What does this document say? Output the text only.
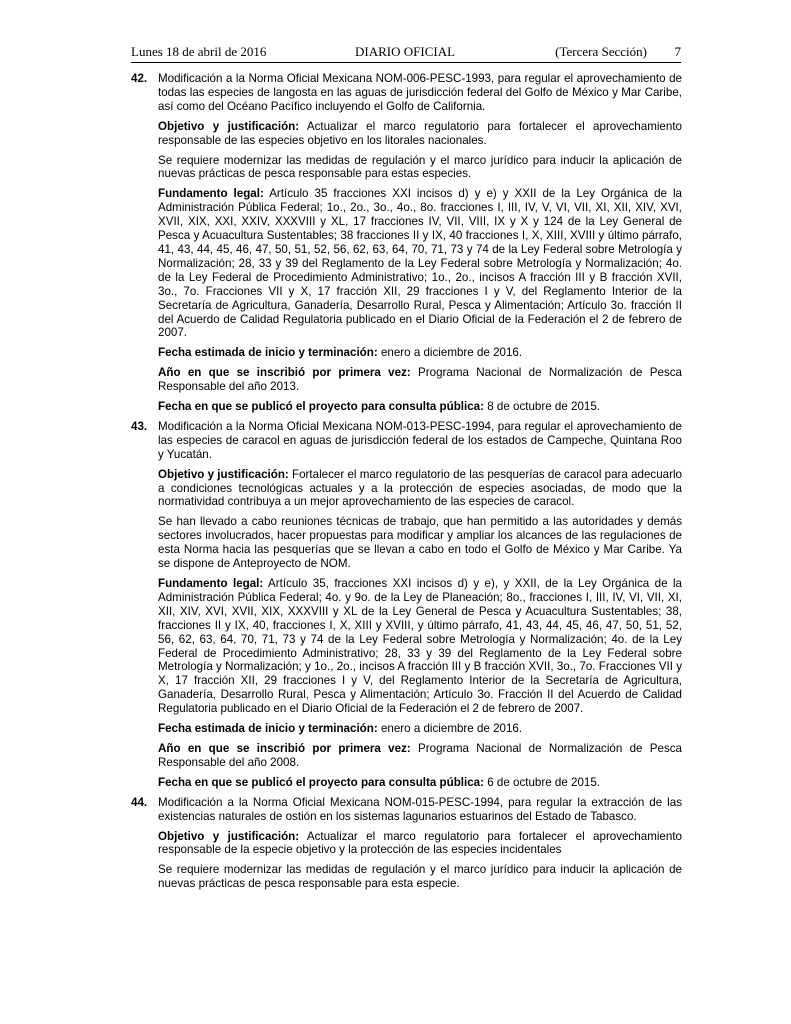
Lunes 18 de abril de 2016	DIARIO OFICIAL	(Tercera Sección) 7
42. Modificación a la Norma Oficial Mexicana NOM-006-PESC-1993, para regular el aprovechamiento de todas las especies de langosta en las aguas de jurisdicción federal del Golfo de México y Mar Caribe, así como del Océano Pacífico incluyendo el Golfo de California.

Objetivo y justificación: Actualizar el marco regulatorio para fortalecer el aprovechamiento responsable de las especies objetivo en los litorales nacionales.

Se requiere modernizar las medidas de regulación y el marco jurídico para inducir la aplicación de nuevas prácticas de pesca responsable para estas especies.

Fundamento legal: Artículo 35 fracciones XXI incisos d) y e) y XXII de la Ley Orgánica de la Administración Pública Federal; 1o., 2o., 3o., 4o., 8o. fracciones I, III, IV, V, VI, VII, XI, XII, XIV, XVI, XVII, XIX, XXI, XXIV, XXXVIII y XL, 17 fracciones IV, VII, VIII, IX y X y 124 de la Ley General de Pesca y Acuacultura Sustentables; 38 fracciones II y IX, 40 fracciones I, X, XIII, XVIII y último párrafo, 41, 43, 44, 45, 46, 47, 50, 51, 52, 56, 62, 63, 64, 70, 71, 73 y 74 de la Ley Federal sobre Metrología y Normalización; 28, 33 y 39 del Reglamento de la Ley Federal sobre Metrología y Normalización; 4o. de la Ley Federal de Procedimiento Administrativo; 1o., 2o., incisos A fracción III y B fracción XVII, 3o., 7o. Fracciones VII y X, 17 fracción XII, 29 fracciones I y V, del Reglamento Interior de la Secretaría de Agricultura, Ganadería, Desarrollo Rural, Pesca y Alimentación; Artículo 3o. fracción II del Acuerdo de Calidad Regulatoria publicado en el Diario Oficial de la Federación el 2 de febrero de 2007.

Fecha estimada de inicio y terminación: enero a diciembre de 2016.

Año en que se inscribió por primera vez: Programa Nacional de Normalización de Pesca Responsable del año 2013.

Fecha en que se publicó el proyecto para consulta pública: 8 de octubre de 2015.

43. Modificación a la Norma Oficial Mexicana NOM-013-PESC-1994, para regular el aprovechamiento de las especies de caracol en aguas de jurisdicción federal de los estados de Campeche, Quintana Roo y Yucatán.

Objetivo y justificación: Fortalecer el marco regulatorio de las pesquerías de caracol para adecuarlo a condiciones tecnológicas actuales y a la protección de especies asociadas, de modo que la normatividad contribuya a un mejor aprovechamiento de las especies de caracol.

Se han llevado a cabo reuniones técnicas de trabajo, que han permitido a las autoridades y demás sectores involucrados, hacer propuestas para modificar y ampliar los alcances de las regulaciones de esta Norma hacia las pesquerías que se llevan a cabo en todo el Golfo de México y Mar Caribe. Ya se dispone de Anteproyecto de NOM.

Fundamento legal: Artículo 35, fracciones XXI incisos d) y e), y XXII, de la Ley Orgánica de la Administración Pública Federal; 4o. y 9o. de la Ley de Planeación; 8o., fracciones I, III, IV, VI, VII, XI, XII, XIV, XVI, XVII, XIX, XXXVIII y XL de la Ley General de Pesca y Acuacultura Sustentables; 38, fracciones II y IX, 40, fracciones I, X, XIII y XVIII, y último párrafo, 41, 43, 44, 45, 46, 47, 50, 51, 52, 56, 62, 63, 64, 70, 71, 73 y 74 de la Ley Federal sobre Metrología y Normalización; 4o. de la Ley Federal de Procedimiento Administrativo; 28, 33 y 39 del Reglamento de la Ley Federal sobre Metrología y Normalización; y 1o., 2o., incisos A fracción III y B fracción XVII, 3o., 7o. Fracciones VII y X, 17 fracción XII, 29 fracciones I y V, del Reglamento Interior de la Secretaría de Agricultura, Ganadería, Desarrollo Rural, Pesca y Alimentación; Artículo 3o. Fracción II del Acuerdo de Calidad Regulatoria publicado en el Diario Oficial de la Federación el 2 de febrero de 2007.

Fecha estimada de inicio y terminación: enero a diciembre de 2016.

Año en que se inscribió por primera vez: Programa Nacional de Normalización de Pesca Responsable del año 2008.

Fecha en que se publicó el proyecto para consulta pública: 6 de octubre de 2015.

44. Modificación a la Norma Oficial Mexicana NOM-015-PESC-1994, para regular la extracción de las existencias naturales de ostión en los sistemas lagunarios estuarinos del Estado de Tabasco.

Objetivo y justificación: Actualizar el marco regulatorio para fortalecer el aprovechamiento responsable de la especie objetivo y la protección de las especies incidentales

Se requiere modernizar las medidas de regulación y el marco jurídico para inducir la aplicación de nuevas prácticas de pesca responsable para esta especie.
